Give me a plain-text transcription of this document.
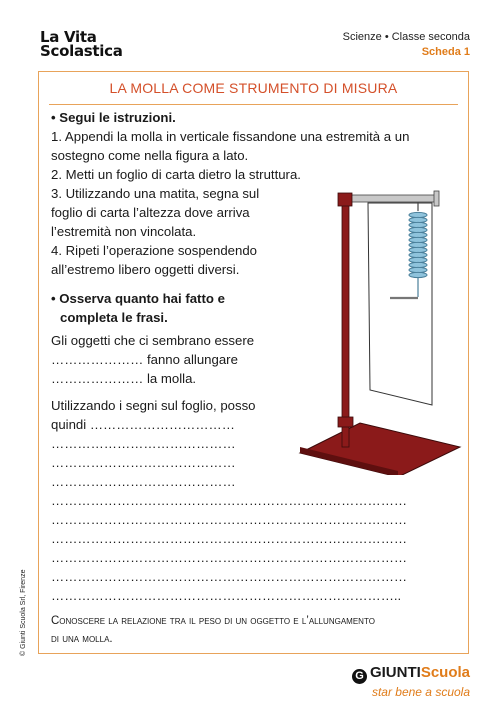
La Vita
Scolastica
Scienze • Classe seconda
Scheda 1
LA MOLLA COME STRUMENTO DI MISURA
• Segui le istruzioni.

1. Appendi la molla in verticale fissandone una estremità a un sostegno come nella figura a lato.

2. Metti un foglio di carta dietro la struttura.

3. Utilizzando una matita, segna sul foglio di carta l’altezza dove arriva l’estremità non vincolata.

4. Ripeti l’operazione sospendendo all’estremo libero oggetti diversi.

• Osserva quanto hai fatto e
completa le frasi.
Gli oggetti che ci sembrano essere
………………… fanno allungare
………………… la molla.
Utilizzando i segni sul foglio, posso
quindi ……………………………
……………………………………
……………………………………
……………………………………
………………………………………………………………………
………………………………………………………………………
………………………………………………………………………
………………………………………………………………………
………………………………………………………………………
……………………………………………………………………..
Conoscere la relazione tra il peso di un oggetto e l’allungamento
di una molla.
© Giunti Scuola Srl, Firenze
G GIUNTIScuola
star bene a scuola
